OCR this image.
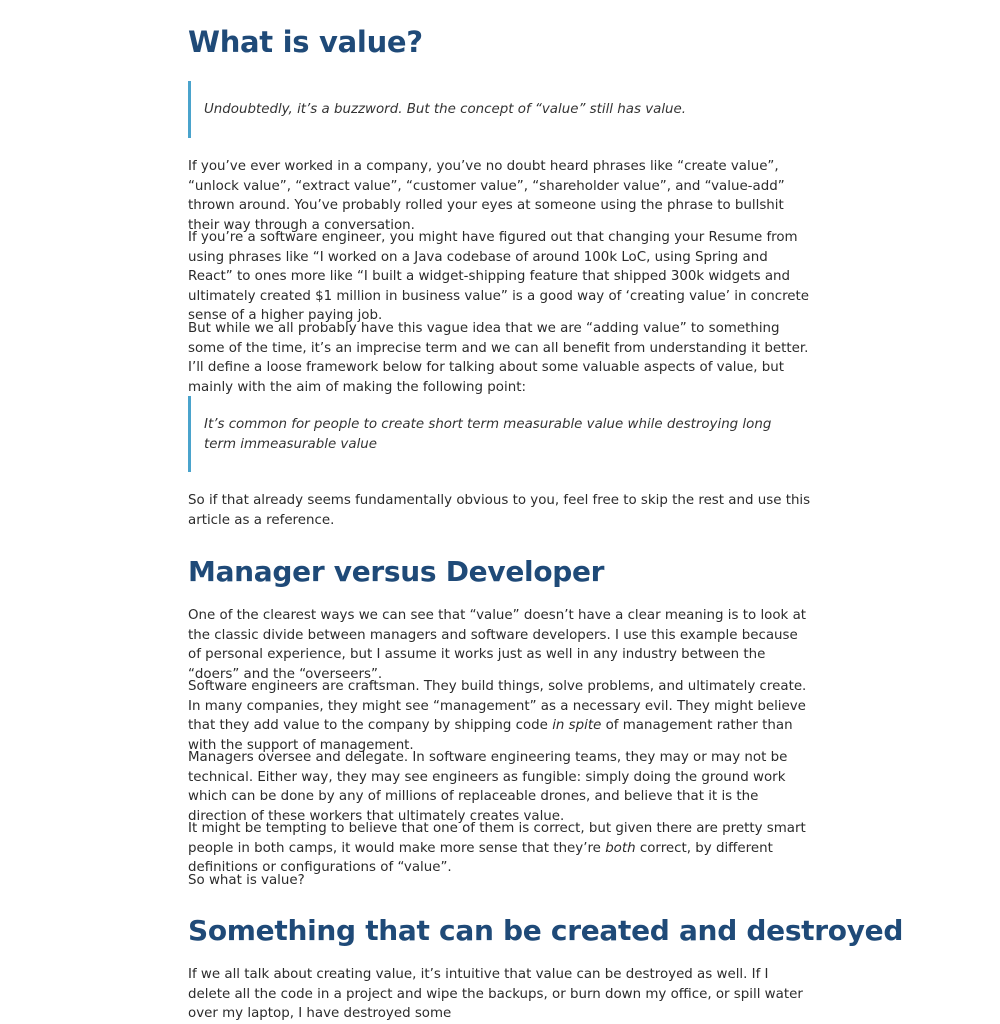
What is value?

Undoubtedly, it’s a buzzword. But the concept of “value” still has value.

If you’ve ever worked in a company, you’ve no doubt heard phrases like “create value”, “unlock value”, “extract value”, “customer value”, “shareholder value”, and “value-add” thrown around. You’ve probably rolled your eyes at someone using the phrase to bullshit their way through a conversation.

If you’re a software engineer, you might have figured out that changing your Resume from using phrases like “I worked on a Java codebase of around 100k LoC, using Spring and React” to ones more like “I built a widget-shipping feature that shipped 300k widgets and ultimately created $1 million in business value” is a good way of ‘creating value’ in concrete sense of a higher paying job.

But while we all probably have this vague idea that we are “adding value” to something some of the time, it’s an imprecise term and we can all benefit from understanding it better. I’ll define a loose framework below for talking about some valuable aspects of value, but mainly with the aim of making the following point:

It’s common for people to create short term measurable value while destroying long term immeasurable value

So if that already seems fundamentally obvious to you, feel free to skip the rest and use this article as a reference.

Manager versus Developer

One of the clearest ways we can see that “value” doesn’t have a clear meaning is to look at the classic divide between managers and software developers. I use this example because of personal experience, but I assume it works just as well in any industry between the “doers” and the “overseers”.

Software engineers are craftsman. They build things, solve problems, and ultimately create. In many companies, they might see “management” as a necessary evil. They might believe that they add value to the company by shipping code in spite of management rather than with the support of management.

Managers oversee and delegate. In software engineering teams, they may or may not be technical. Either way, they may see engineers as fungible: simply doing the ground work which can be done by any of millions of replaceable drones, and believe that it is the direction of these workers that ultimately creates value.

It might be tempting to believe that one of them is correct, but given there are pretty smart people in both camps, it would make more sense that they’re both correct, by different definitions or configurations of “value”.

So what is value?

Something that can be created and destroyed

If we all talk about creating value, it’s intuitive that value can be destroyed as well. If I delete all the code in a project and wipe the backups, or burn down my office, or spill water over my laptop, I have destroyed some
